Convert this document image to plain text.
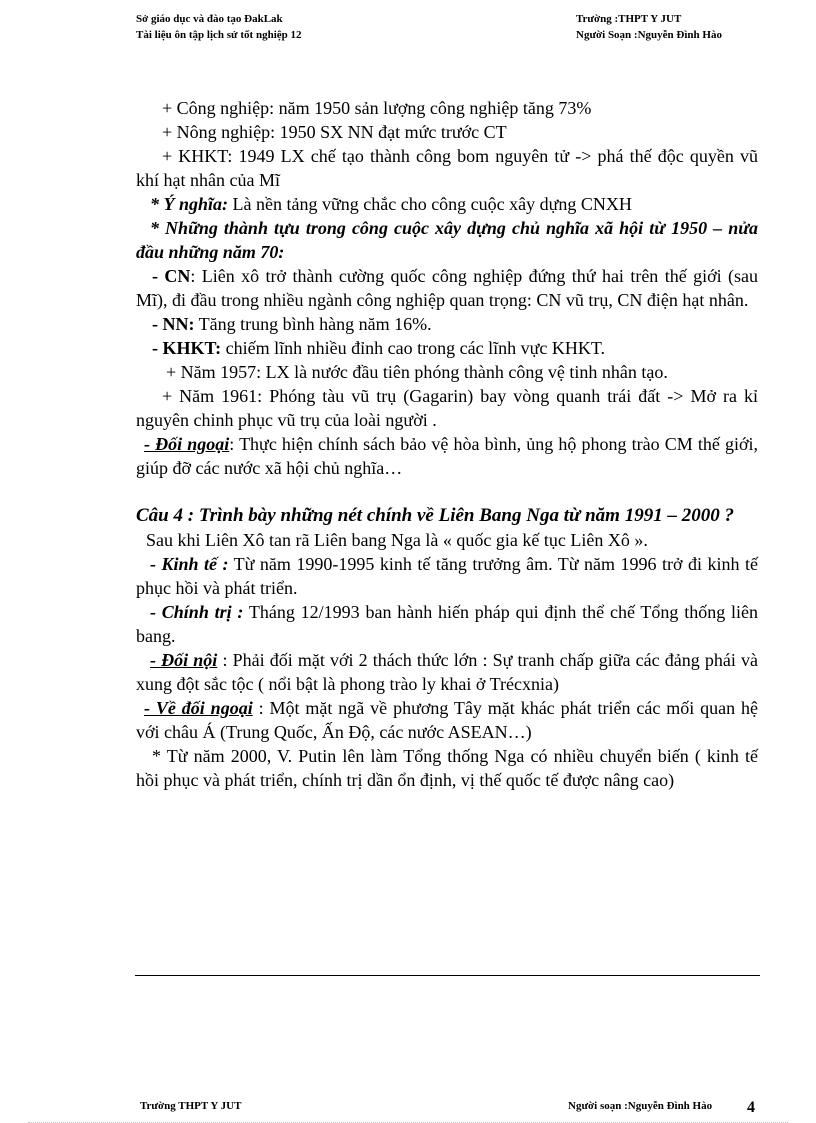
Sở giáo dục và đào tạo ĐakLak
Tài liệu ôn tập lịch sử tốt nghiệp 12
Trường :THPT Y JUT
Người Soạn :Nguyễn Đình Hào

+ Công nghiệp: năm 1950 sản lượng công nghiệp tăng 73%

+ Nông nghiệp: 1950 SX NN đạt mức trước CT

+ KHKT: 1949 LX chế tạo thành công bom nguyên tử -> phá thế độc quyền vũ khí hạt nhân của Mĩ

* Ý nghĩa: Là nền tảng vững chắc cho công cuộc xây dựng CNXH

* Những thành tựu trong công cuộc xây dựng chủ nghĩa xã hội từ 1950 – nửa đầu những năm 70:

- CN: Liên xô trở thành cường quốc công nghiệp đứng thứ hai trên thế giới (sau Mĩ), đi đầu trong nhiều ngành công nghiệp quan trọng: CN vũ trụ, CN điện hạt nhân.

- NN: Tăng trung bình hàng năm 16%.

- KHKT: chiếm lĩnh nhiều đỉnh cao trong các lĩnh vực KHKT.

+ Năm 1957: LX là nước đầu tiên phóng thành công vệ tinh nhân tạo.

+ Năm 1961: Phóng tàu vũ trụ (Gagarin) bay vòng quanh trái đất -> Mở ra kỉ nguyên chinh phục vũ trụ của loài người .

- Đối ngoại: Thực hiện chính sách bảo vệ hòa bình, ủng hộ phong trào CM thế giới, giúp đỡ các nước xã hội chủ nghĩa…

Câu 4 : Trình bày những nét chính về Liên Bang Nga từ năm 1991 – 2000 ?

Sau khi Liên Xô tan rã Liên bang Nga là « quốc gia kế tục Liên Xô ».

- Kinh tế : Từ năm 1990-1995 kinh tế tăng trưởng âm. Từ năm 1996 trở đi kinh tế phục hồi và phát triển.

- Chính trị : Tháng 12/1993 ban hành hiến pháp qui định thể chế Tổng thống liên bang.

- Đối nội : Phải đối mặt với 2 thách thức lớn : Sự tranh chấp giữa các đảng phái và xung đột sắc tộc ( nổi bật là phong trào ly khai ở Trécxnia)

- Về đối ngoại : Một mặt ngã về phương Tây mặt khác phát triển các mối quan hệ với châu Á (Trung Quốc, Ấn Độ, các nước ASEAN…)

* Từ năm 2000, V. Putin lên làm Tổng thống Nga có nhiều chuyển biến ( kinh tế hồi phục và phát triển, chính trị dần ổn định, vị thế quốc tế được nâng cao)

Trường THPT Y JUT	Người soạn :Nguyễn Đình Hào 4
